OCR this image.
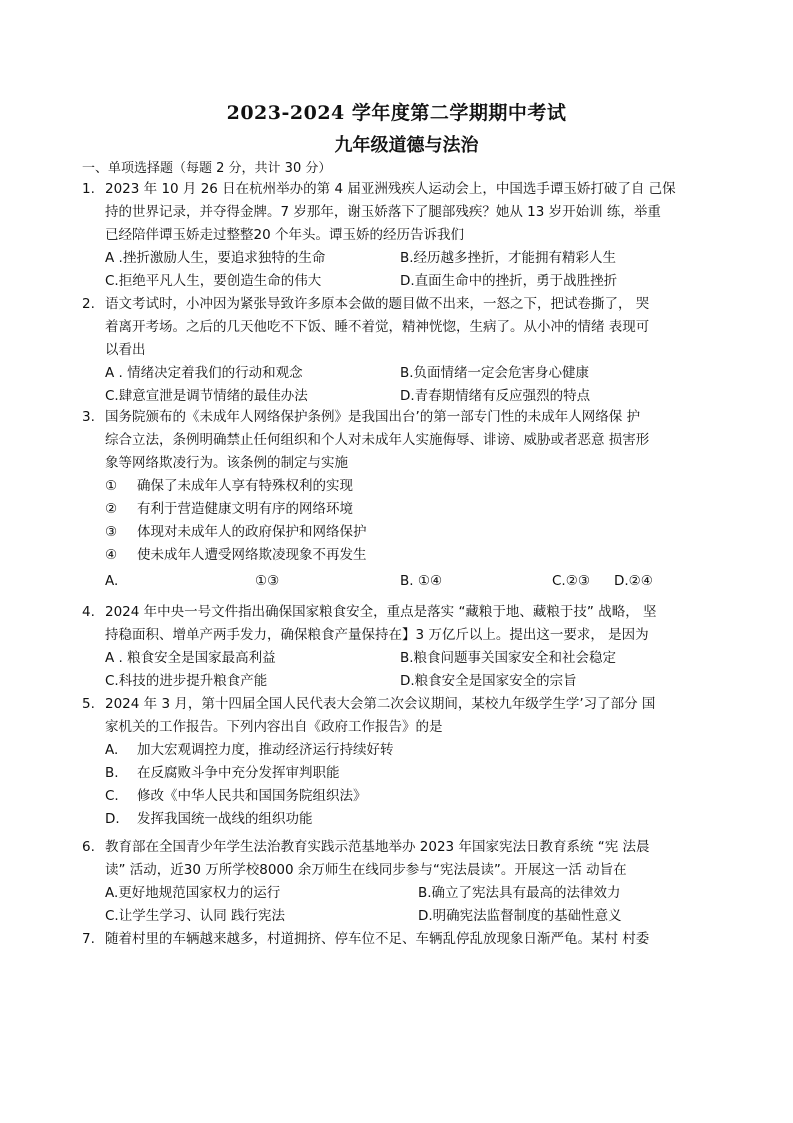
2023-2024 学年度第二学期期中考试
九年级道德与法治
一、单项选择题（每题 2 分，共计 30 分）
1. 2023 年 10 月 26 日在杭州举办的第 4 届亚洲残疾人运动会上，中国选手谭玉娇打破了自 己保
持的世界记录，并夺得金牌。7 岁那年，谢玉娇落下了腿部残疾？她从 13 岁开始训 练，举重
已经陪伴谭玉娇走过整整20 个年头。谭玉娇的经历告诉我们
A .挫折激励人生，要追求独特的生命	B.经历越多挫折，才能拥有精彩人生
C.拒绝平凡人生，要创造生命的伟大	D.直面生命中的挫折，勇于战胜挫折
2. 语文考试时，小冲因为紧张导致许多原本会做的题目做不出来，一怒之下，把试卷撕了， 哭
着离开考场。之后的几天他吃不下饭、睡不着觉，精神恍惚，生病了。从小冲的情绪 表现可
以看出
A . 情绪决定着我们的行动和观念	B.负面情绪一定会危害身心健康
C.肆意宣泄是调节情绪的最佳办法	D.青春期情绪有反应强烈的特点
3. 国务院颁布的《未成年人网络保护条例》是我国出台’的第一部专门性的未成年人网络保 护
综合立法，条例明确禁止任何组织和个人对未成年人实施侮辱、诽谤、威胁或者恶意 损害形
象等网络欺凌行为。该条例的制定与实施
① 确保了未成年人享有特殊权利的实现
② 有利于营造健康文明有序的网络环境
③ 体现对未成年人的政府保护和网络保护
④ 使未成年人遭受网络欺凌现象不再发生
A.	①③	B. ①④	C.②③ D.②④
4. 2024 年中央一号文件指出确保国家粮食安全，重点是落实 “藏粮于地、藏粮于技” 战略， 坚
持稳面积、增单产两手发力，确保粮食产量保持在】3 万亿斤以上。提出这一要求， 是因为
A . 粮食安全是国家最高利益	B.粮食问题事关国家安全和社会稳定
C.科技的进步提升粮食产能	D.粮食安全是国家安全的宗旨
5. 2024 年 3 月，第十四届全国人民代表大会第二次会议期间，某校九年级学生学’习了部分 国
家机关的工作报告。下列内容出自《政府工作报告》的是
A. 加大宏观调控力度，推动经济运行持续好转
B. 在反腐败斗争中充分发挥审判职能
C. 修改《中华人民共和国国务院组织法》
D. 发挥我国统一战线的组织功能
6. 教育部在全国青少年学生法治教育实践示范基地举办 2023 年国家宪法日教育系统 “宪 法晨
读” 活动，近30 万所学校8000 余万师生在线同步参与“宪法晨读”。开展这一活 动旨在
A.更好地规范国家权力的运行	B.确立了宪法具有最高的法律效力
C.让学生学习、认同 践行宪法	D.明确宪法监督制度的基础性意义
7. 随着村里的车辆越来越多，村道拥挤、停车位不足、车辆乱停乱放现象日渐严龟。某村 村委
